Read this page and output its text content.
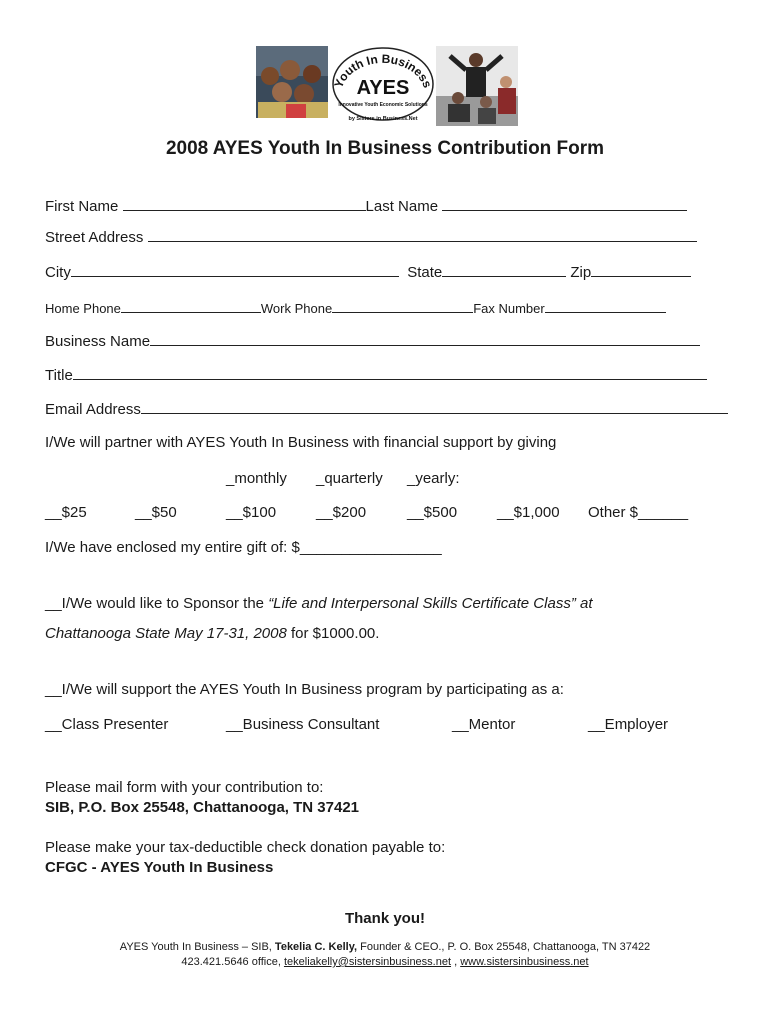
Youth In Business
AYES
Innovative Youth Economic Solutions
by Sisters in Business.Net
2008 AYES Youth In Business Contribution Form
First Name	Last Name
Street Address
City	State	Zip
Home Phone	Work Phone	Fax Number
Business Name
Title
Email Address
I/We will partner with AYES Youth In Business with financial support by giving
_monthly _quarterly _yearly:
__$25	__$50	__$100	__$200	__$500	__$1,000 Other $______
I/We have enclosed my entire gift of: $_________________
__I/We would like to Sponsor the “Life and Interpersonal Skills Certificate Class” at
Chattanooga State May 17-31, 2008 for $1000.00.
__I/We will support the AYES Youth In Business program by participating as a:
__Class Presenter	__Business Consultant	__Mentor	__Employer
Please mail form with your contribution to:
SIB, P.O. Box 25548, Chattanooga, TN 37421
Please make your tax-deductible check donation payable to:
CFGC - AYES Youth In Business
Thank you!
AYES Youth In Business – SIB, Tekelia C. Kelly, Founder & CEO., P. O. Box 25548, Chattanooga, TN 37422
423.421.5646 office, tekeliakelly@sistersinbusiness.net , www.sistersinbusiness.net
